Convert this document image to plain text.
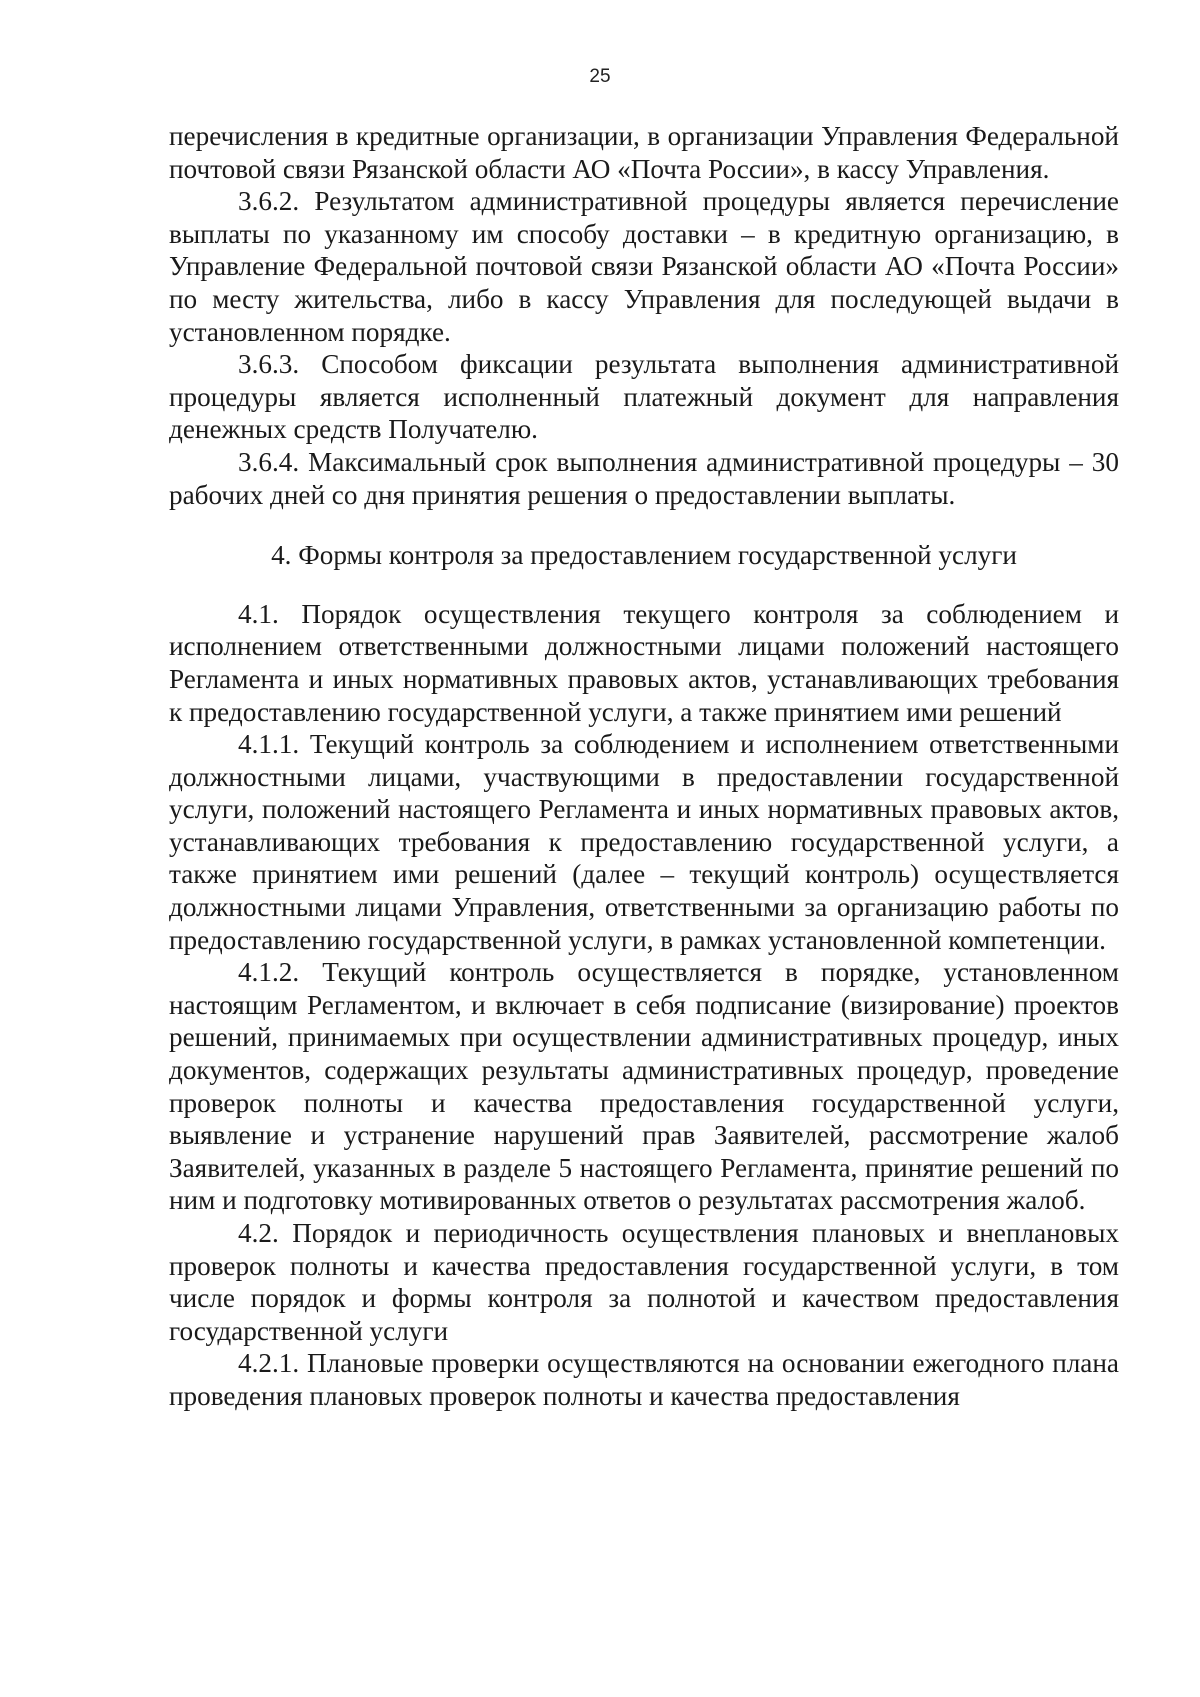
25

перечисления в кредитные организации, в организации Управления Федеральной почтовой связи Рязанской области АО «Почта России», в кассу Управления.

3.6.2. Результатом административной процедуры является перечисление выплаты по указанному им способу доставки – в кредитную организацию, в Управление Федеральной почтовой связи Рязанской области АО «Почта России» по месту жительства, либо в кассу Управления для последующей выдачи в установленном порядке.

3.6.3. Способом фиксации результата выполнения административной процедуры является исполненный платежный документ для направления денежных средств Получателю.

3.6.4. Максимальный срок выполнения административной процедуры – 30 рабочих дней со дня принятия решения о предоставлении выплаты.

4. Формы контроля за предоставлением государственной услуги

4.1. Порядок осуществления текущего контроля за соблюдением и исполнением ответственными должностными лицами положений настоящего Регламента и иных нормативных правовых актов, устанавливающих требования к предоставлению государственной услуги, а также принятием ими решений

4.1.1. Текущий контроль за соблюдением и исполнением ответственными должностными лицами, участвующими в предоставлении государственной услуги, положений настоящего Регламента и иных нормативных правовых актов, устанавливающих требования к предоставлению государственной услуги, а также принятием ими решений (далее – текущий контроль) осуществляется должностными лицами Управления, ответственными за организацию работы по предоставлению государственной услуги, в рамках установленной компетенции.

4.1.2. Текущий контроль осуществляется в порядке, установленном настоящим Регламентом, и включает в себя подписание (визирование) проектов решений, принимаемых при осуществлении административных процедур, иных документов, содержащих результаты административных процедур, проведение проверок полноты и качества предоставления государственной услуги, выявление и устранение нарушений прав Заявителей, рассмотрение жалоб Заявителей, указанных в разделе 5 настоящего Регламента, принятие решений по ним и подготовку мотивированных ответов о результатах рассмотрения жалоб.

4.2. Порядок и периодичность осуществления плановых и внеплановых проверок полноты и качества предоставления государственной услуги, в том числе порядок и формы контроля за полнотой и качеством предоставления государственной услуги

4.2.1. Плановые проверки осуществляются на основании ежегодного плана проведения плановых проверок полноты и качества предоставления
